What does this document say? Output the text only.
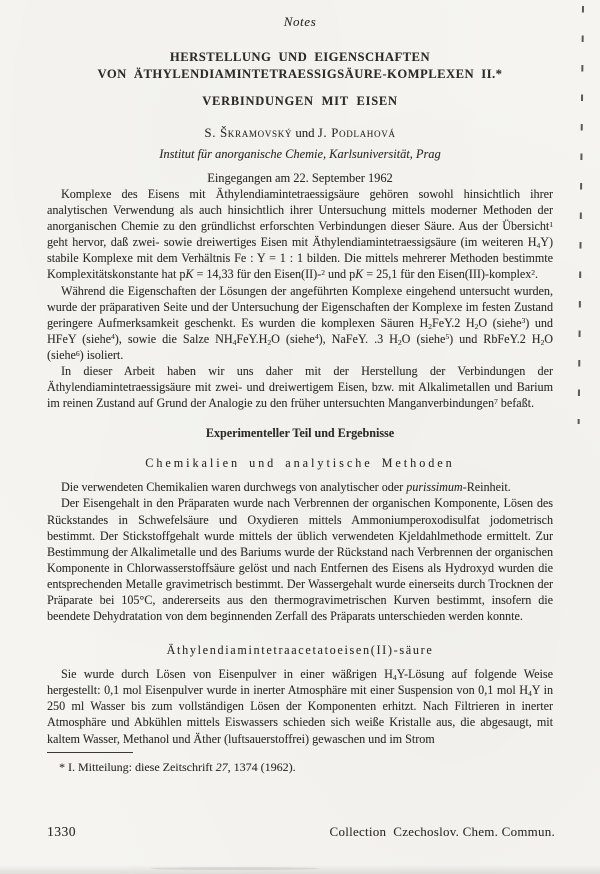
Notes
HERSTELLUNG UND EIGENSCHAFTEN
VON ÄTHYLENDIAMINTETRAESSIGSÄURE-KOMPLEXEN II.*
VERBINDUNGEN MIT EISEN
S. Škramovský und J. Podlahová
Institut für anorganische Chemie, Karlsuniversität, Prag
Eingegangen am 22. September 1962

Komplexe des Eisens mit Äthylendiamintetraessigsäure gehören sowohl hinsichtlich ihrer analytischen Verwendung als auch hinsichtlich ihrer Untersuchung mittels moderner Methoden der anorganischen Chemie zu den gründlichst erforschten Verbindungen dieser Säure. Aus der Übersicht$^1$ geht hervor, daß zwei- sowie dreiwertiges Eisen mit Äthylendiamintetraessigsäure (im weiteren $H_4Y$) stabile Komplexe mit dem Verhältnis Fe : Y = 1 : 1 bilden. Die mittels mehrerer Methoden bestimmte Komplexitätskonstante hat pK = 14,33 für den Eisen(II)-$^2$ und pK = 25,1 für den Eisen(III)-komplex$^2$.

Während die Eigenschaften der Lösungen der angeführten Komplexe eingehend untersucht wurden, wurde der präparativen Seite und der Untersuchung der Eigenschaften der Komplexe im festen Zustand geringere Aufmerksamkeit geschenkt. Es wurden die komplexen Säuren $H_2FeY.2$ $H_2O$ (siehe$^3$) und HFeY (siehe$^4$), sowie die Salze $NH_4FeY.H_2O$ (siehe$^4$), NaFeY. .3 $H_2O$ (siehe$^5$) und RbFeY.2 $H_2O$ (siehe$^6$) isoliert.

In dieser Arbeit haben wir uns daher mit der Herstellung der Verbindungen der Äthylendiamintetraessigsäure mit zwei- und dreiwertigem Eisen, bzw. mit Alkalimetallen und Barium im reinen Zustand auf Grund der Analogie zu den früher untersuchten Manganverbindungen$^7$ befaßt.

Experimenteller Teil und Ergebnisse
Chemikalien und analytische Methoden

Die verwendeten Chemikalien waren durchwegs von analytischer oder purissimum-Reinheit.

Der Eisengehalt in den Präparaten wurde nach Verbrennen der organischen Komponente, Lösen des Rückstandes in Schwefelsäure und Oxydieren mittels Ammoniumperoxodisulfat jodometrisch bestimmt. Der Stickstoffgehalt wurde mittels der üblich verwendeten Kjeldahlmethode ermittelt. Zur Bestimmung der Alkalimetalle und des Bariums wurde der Rückstand nach Verbrennen der organischen Komponente in Chlorwasserstoffsäure gelöst und nach Entfernen des Eisens als Hydroxyd wurden die entsprechenden Metalle gravimetrisch bestimmt. Der Wassergehalt wurde einerseits durch Trocknen der Präparate bei 105°C, andererseits aus den thermogravimetrischen Kurven bestimmt, insofern die beendete Dehydratation von dem beginnenden Zerfall des Präparats unterschieden werden konnte.

Äthylendiamintetraacetatoeisen(II)-säure

Sie wurde durch Lösen von Eisenpulver in einer wäßrigen $H_4Y$-Lösung auf folgende Weise hergestellt: 0,1 mol Eisenpulver wurde in inerter Atmosphäre mit einer Suspension von 0,1 mol $H_4Y$ in 250 ml Wasser bis zum vollständigen Lösen der Komponenten erhitzt. Nach Filtrieren in inerter Atmosphäre und Abkühlen mittels Eiswassers schieden sich weiße Kristalle aus, die abgesaugt, mit kaltem Wasser, Methanol und Äther (luftsauerstoffrei) gewaschen und im Strom

* I. Mitteilung: diese Zeitschrift 27, 1374 (1962).
1330	Collection  Czechoslov. Chem. Commun.
